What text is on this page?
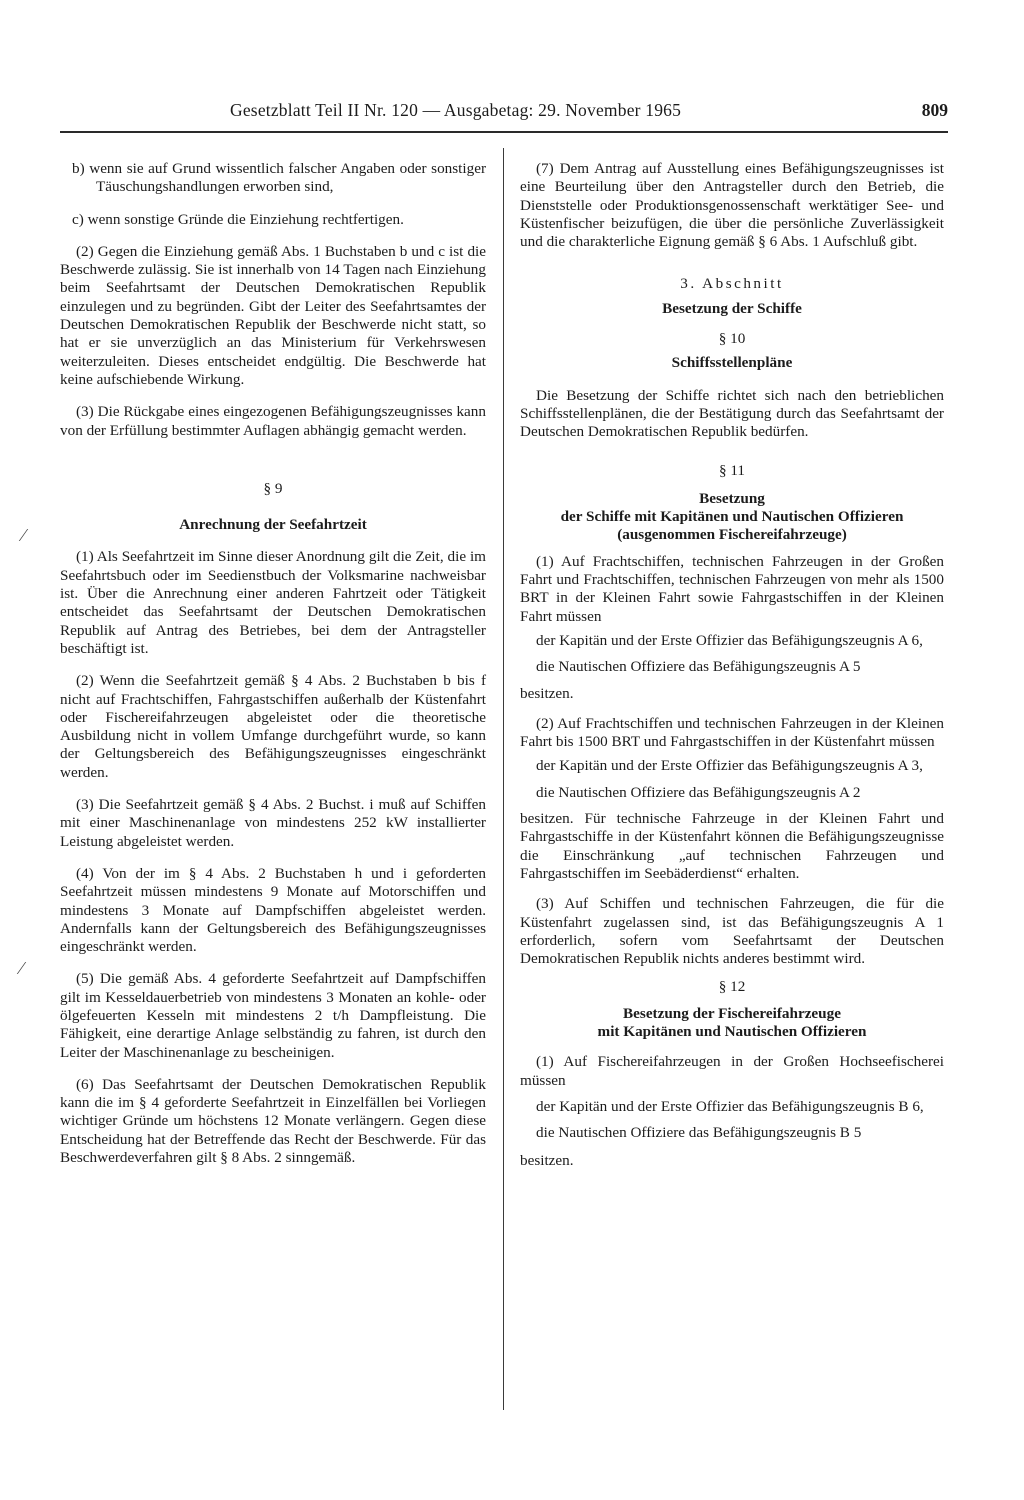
Gesetzblatt Teil II Nr. 120 — Ausgabetag: 29. November 1965	809
⁄
⁄

b) wenn sie auf Grund wissentlich falscher Angaben oder sonstiger Täuschungshandlungen erworben sind,

c) wenn sonstige Gründe die Einziehung rechtfertigen.

(2) Gegen die Einziehung gemäß Abs. 1 Buchstaben b und c ist die Beschwerde zulässig. Sie ist innerhalb von 14 Tagen nach Einziehung beim Seefahrtsamt der Deutschen Demokratischen Republik einzulegen und zu begründen. Gibt der Leiter des Seefahrtsamtes der Deutschen Demokratischen Republik der Beschwerde nicht statt, so hat er sie unverzüglich an das Ministerium für Verkehrswesen weiterzuleiten. Dieses entscheidet endgültig. Die Beschwerde hat keine aufschiebende Wirkung.

(3) Die Rückgabe eines eingezogenen Befähigungszeugnisses kann von der Erfüllung bestimmter Auflagen abhängig gemacht werden.

§ 9

Anrechnung der Seefahrtzeit

(1) Als Seefahrtzeit im Sinne dieser Anordnung gilt die Zeit, die im Seefahrtsbuch oder im Seedienstbuch der Volksmarine nachweisbar ist. Über die Anrechnung einer anderen Fahrtzeit oder Tätigkeit entscheidet das Seefahrtsamt der Deutschen Demokratischen Republik auf Antrag des Betriebes, bei dem der Antragsteller beschäftigt ist.

(2) Wenn die Seefahrtzeit gemäß § 4 Abs. 2 Buchstaben b bis f nicht auf Frachtschiffen, Fahrgastschiffen außerhalb der Küstenfahrt oder Fischereifahrzeugen abgeleistet oder die theoretische Ausbildung nicht in vollem Umfange durchgeführt wurde, so kann der Geltungsbereich des Befähigungszeugnisses eingeschränkt werden.

(3) Die Seefahrtzeit gemäß § 4 Abs. 2 Buchst. i muß auf Schiffen mit einer Maschinenanlage von mindestens 252 kW installierter Leistung abgeleistet werden.

(4) Von der im § 4 Abs. 2 Buchstaben h und i geforderten Seefahrtzeit müssen mindestens 9 Monate auf Motorschiffen und mindestens 3 Monate auf Dampfschiffen abgeleistet werden. Andernfalls kann der Geltungsbereich des Befähigungszeugnisses eingeschränkt werden.

(5) Die gemäß Abs. 4 geforderte Seefahrtzeit auf Dampfschiffen gilt im Kesseldauerbetrieb von mindestens 3 Monaten an kohle- oder ölgefeuerten Kesseln mit mindestens 2 t/h Dampfleistung. Die Fähigkeit, eine derartige Anlage selbständig zu fahren, ist durch den Leiter der Maschinenanlage zu bescheinigen.

(6) Das Seefahrtsamt der Deutschen Demokratischen Republik kann die im § 4 geforderte Seefahrtzeit in Einzelfällen bei Vorliegen wichtiger Gründe um höchstens 12 Monate verlängern. Gegen diese Entscheidung hat der Betreffende das Recht der Beschwerde. Für das Beschwerdeverfahren gilt § 8 Abs. 2 sinngemäß.

(7) Dem Antrag auf Ausstellung eines Befähigungszeugnisses ist eine Beurteilung über den Antragsteller durch den Betrieb, die Dienststelle oder Produktionsgenossenschaft werktätiger See- und Küstenfischer beizufügen, die über die persönliche Zuverlässigkeit und die charakterliche Eignung gemäß § 6 Abs. 1 Aufschluß gibt.

3. Abschnitt

Besetzung der Schiffe

§ 10

Schiffsstellenpläne

Die Besetzung der Schiffe richtet sich nach den betrieblichen Schiffsstellenplänen, die der Bestätigung durch das Seefahrtsamt der Deutschen Demokratischen Republik bedürfen.

§ 11

Besetzung

der Schiffe mit Kapitänen und Nautischen Offizieren

(ausgenommen Fischereifahrzeuge)

(1) Auf Frachtschiffen, technischen Fahrzeugen in der Großen Fahrt und Frachtschiffen, technischen Fahrzeugen von mehr als 1500 BRT in der Kleinen Fahrt sowie Fahrgastschiffen in der Kleinen Fahrt müssen

der Kapitän und der Erste Offizier das Befähigungszeugnis A 6,

die Nautischen Offiziere das Befähigungszeugnis A 5

besitzen.

(2) Auf Frachtschiffen und technischen Fahrzeugen in der Kleinen Fahrt bis 1500 BRT und Fahrgastschiffen in der Küstenfahrt müssen

der Kapitän und der Erste Offizier das Befähigungszeugnis A 3,

die Nautischen Offiziere das Befähigungszeugnis A 2

besitzen. Für technische Fahrzeuge in der Kleinen Fahrt und Fahrgastschiffe in der Küstenfahrt können die Befähigungszeugnisse die Einschränkung „auf technischen Fahrzeugen und Fahrgastschiffen im Seebäderdienst“ erhalten.

(3) Auf Schiffen und technischen Fahrzeugen, die für die Küstenfahrt zugelassen sind, ist das Befähigungszeugnis A 1 erforderlich, sofern vom Seefahrtsamt der Deutschen Demokratischen Republik nichts anderes bestimmt wird.

§ 12

Besetzung der Fischereifahrzeuge

mit Kapitänen und Nautischen Offizieren

(1) Auf Fischereifahrzeugen in der Großen Hochseefischerei müssen

der Kapitän und der Erste Offizier das Befähigungszeugnis B 6,

die Nautischen Offiziere das Befähigungszeugnis B 5

besitzen.
